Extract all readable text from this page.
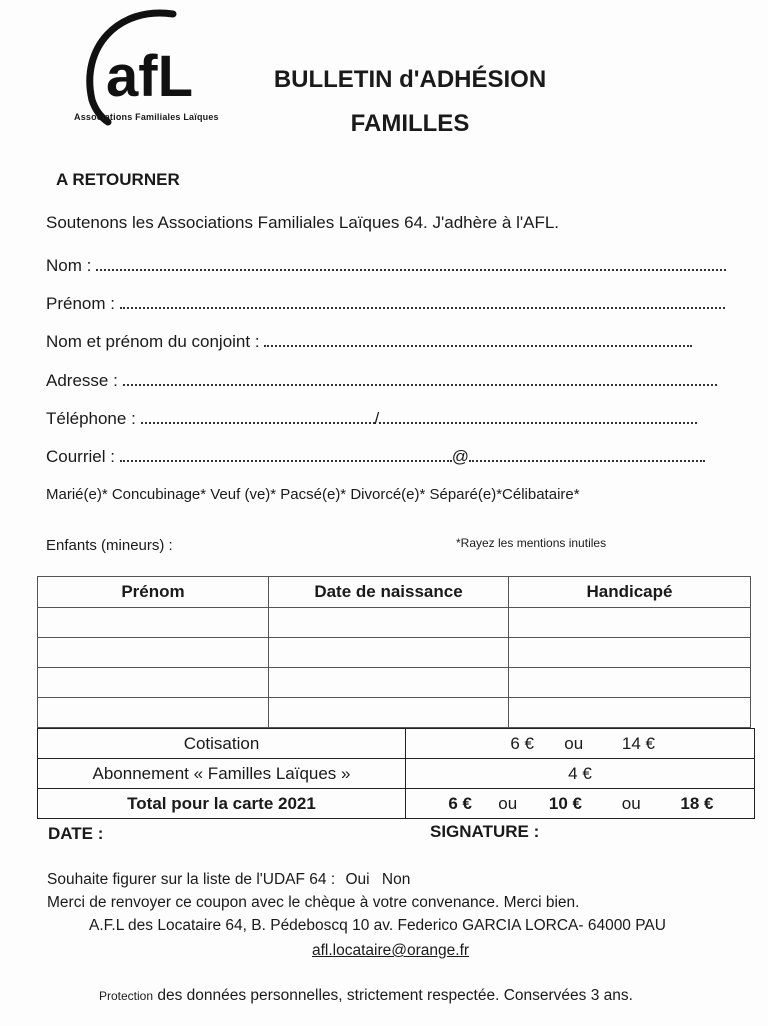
afL
Associations Familiales Laïques
BULLETIN d'ADHÉSION
FAMILLES
A RETOURNER
Soutenons les Associations Familiales Laïques 64. J'adhère à l'AFL.
Nom :
Prénom :
Nom et prénom du conjoint :
Adresse :
Téléphone :	/
Courriel :	@
Marié(e)* Concubinage* Veuf (ve)* Pacsé(e)* Divorcé(e)* Séparé(e)*Célibataire*
Enfants (mineurs) :	*Rayez les mentions inutiles
Prénom	Date de naissance	Handicapé

Cotisation	6 € ou 14 €
Abonnement « Familles Laïques »	4 €
Total pour la carte 2021	6 € ou 10 € ou 18 €
DATE :	SIGNATURE :
Souhaite figurer sur la liste de l'UDAF 64 : Oui Non
Merci de renvoyer ce coupon avec le chèque à votre convenance. Merci bien.
A.F.L des Locataire 64, B. Pédeboscq 10 av. Federico GARCIA LORCA- 64000 PAU
afl.locataire@orange.fr
Protection des données personnelles, strictement respectée. Conservées 3 ans.
